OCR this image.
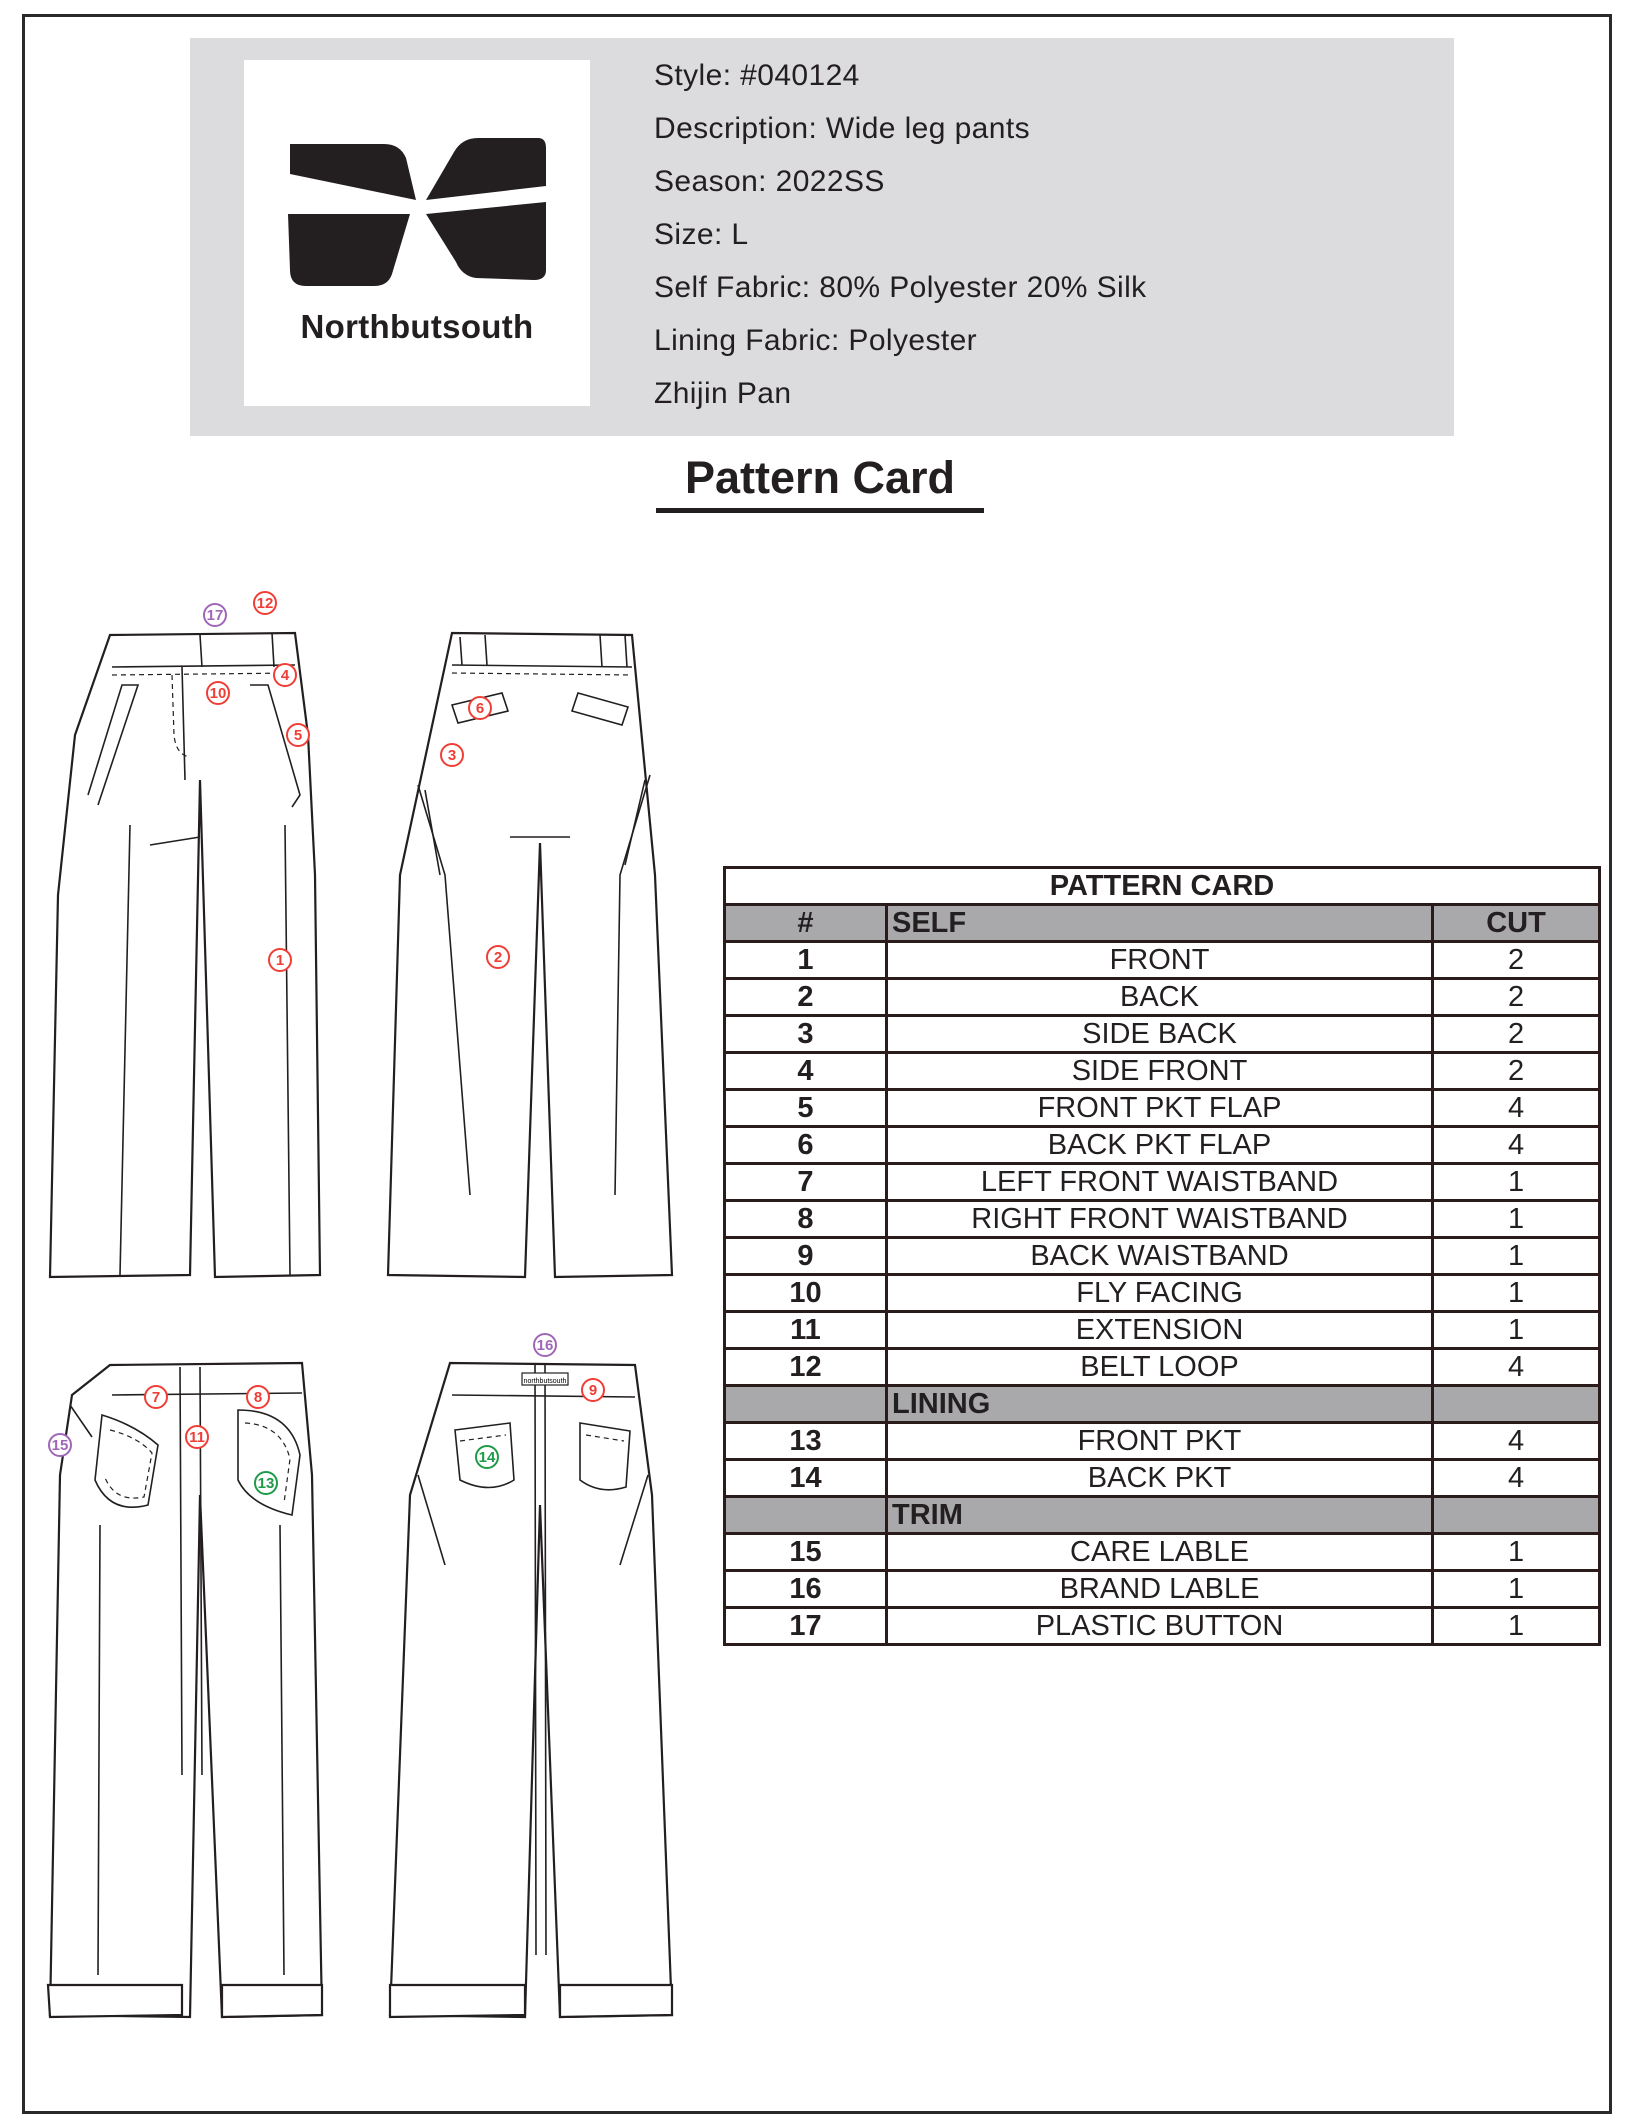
Northbutsouth
Style: #040124
Description: Wide leg pants
Season: 2022SS
Size: L
Self Fabric: 80% Polyester 20% Silk
Lining Fabric: Polyester
Zhijin Pan
Pattern Card
northbutsouth
17
12
4
10
5
1
6
3
2
7	8
11
15
13
16
9
14
PATTERN CARD		
#	SELF	CUT
1	FRONT	2
2	BACK	2
3	SIDE BACK	2
4	SIDE FRONT	2
5	FRONT PKT FLAP	4
6	BACK PKT FLAP	4
7	LEFT FRONT WAISTBAND	1
8	RIGHT FRONT WAISTBAND	1
9	BACK WAISTBAND	1
10	FLY FACING	1
11	EXTENSION	1
12	BELT LOOP	4
	LINING	
13	FRONT PKT	4
14	BACK PKT	4
	TRIM	
15	CARE LABLE	1
16	BRAND LABLE	1
17	PLASTIC BUTTON	1
